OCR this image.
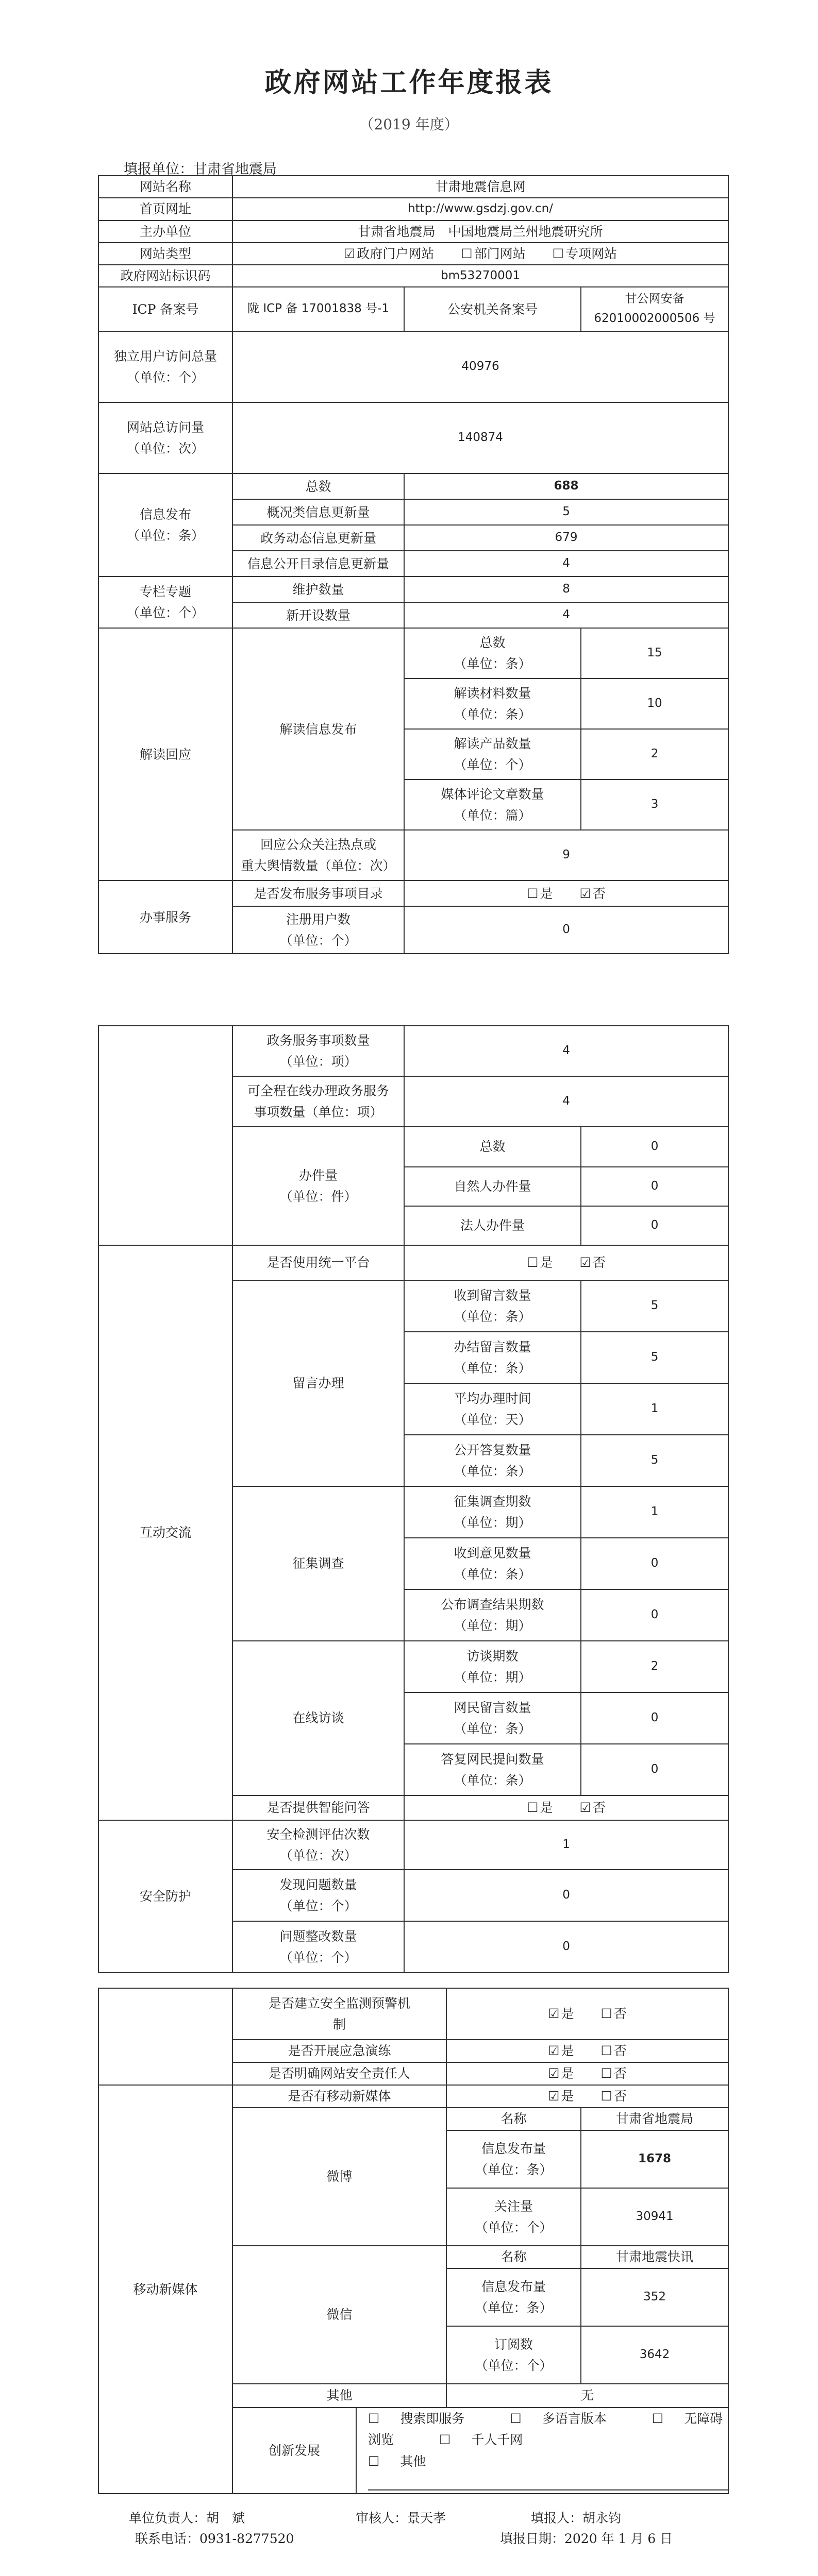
政府网站工作年度报表
（2019 年度）
填报单位：甘肃省地震局
网站名称	甘肃地震信息网		
首页网址	http://www.gsdzj.gov.cn/		
主办单位	甘肃省地震局　中国地震局兰州地震研究所		
网站类型	☑ 政府门户网站 ☐ 部门网站 ☐ 专项网站		
政府网站标识码	bm53270001		
ICP 备案号	陇 ICP 备 17001838 号-1	公安机关备案号	甘公网安备
62010002000506 号
独立用户访问总量
（单位：个）	40976		
网站总访问量
（单位：次）	140874		
信息发布
（单位：条）	总数	688	
	概况类信息更新量	5	
	政务动态信息更新量	679	
	信息公开目录信息更新量	4	
专栏专题
（单位：个）	维护数量	8	
	新开设数量	4	
解读回应	解读信息发布	总数
（单位：条）	15
		解读材料数量
（单位：条）	10
		解读产品数量
（单位：个）	2
		媒体评论文章数量
（单位：篇）	3
	回应公众关注热点或
重大舆情数量（单位：次）	9	
办事服务	是否发布服务事项目录	☐ 是 ☑ 否	
	注册用户数
（单位：个）	0	
	政务服务事项数量
（单位：项）	4	
	可全程在线办理政务服务
事项数量（单位：项）	4	
	办件量
（单位：件）	总数	0
		自然人办件量	0
		法人办件量	0
互动交流	是否使用统一平台	☐ 是 ☑ 否	
	留言办理	收到留言数量
（单位：条）	5
		办结留言数量
（单位：条）	5
		平均办理时间
（单位：天）	1
		公开答复数量
（单位：条）	5
	征集调查	征集调查期数
（单位：期）	1
		收到意见数量
（单位：条）	0
		公布调查结果期数
（单位：期）	0
	在线访谈	访谈期数
（单位：期）	2
		网民留言数量
（单位：条）	0
		答复网民提问数量
（单位：条）	0
	是否提供智能问答	☐ 是 ☑ 否	
安全防护	安全检测评估次数
（单位：次）	1	
	发现问题数量
（单位：个）	0	
	问题整改数量
（单位：个）	0	
	是否建立安全监测预警机
制		☑ 是 ☐ 否	
	是否开展应急演练		☑ 是 ☐ 否	
	是否明确网站安全责任人		☑ 是 ☐ 否	
移动新媒体	是否有移动新媒体		☑ 是 ☐ 否	
	微博		名称	甘肃省地震局
			信息发布量
（单位：条）	1678
			关注量
（单位：个）	30941
	微信		名称	甘肃地震快讯
			信息发布量
（单位：条）	352
			订阅数
（单位：个）	3642
	其他		无	
	创新发展	☐ 搜索即服务 ☐ 多语言版本 ☐ 无障碍浏览 ☐ 千人千网
☐ 其他		
单位负责人：胡　斌	审核人：景天孝	填报人：胡永钧
联系电话：0931-8277520	填报日期：2020 年 1 月 6 日
